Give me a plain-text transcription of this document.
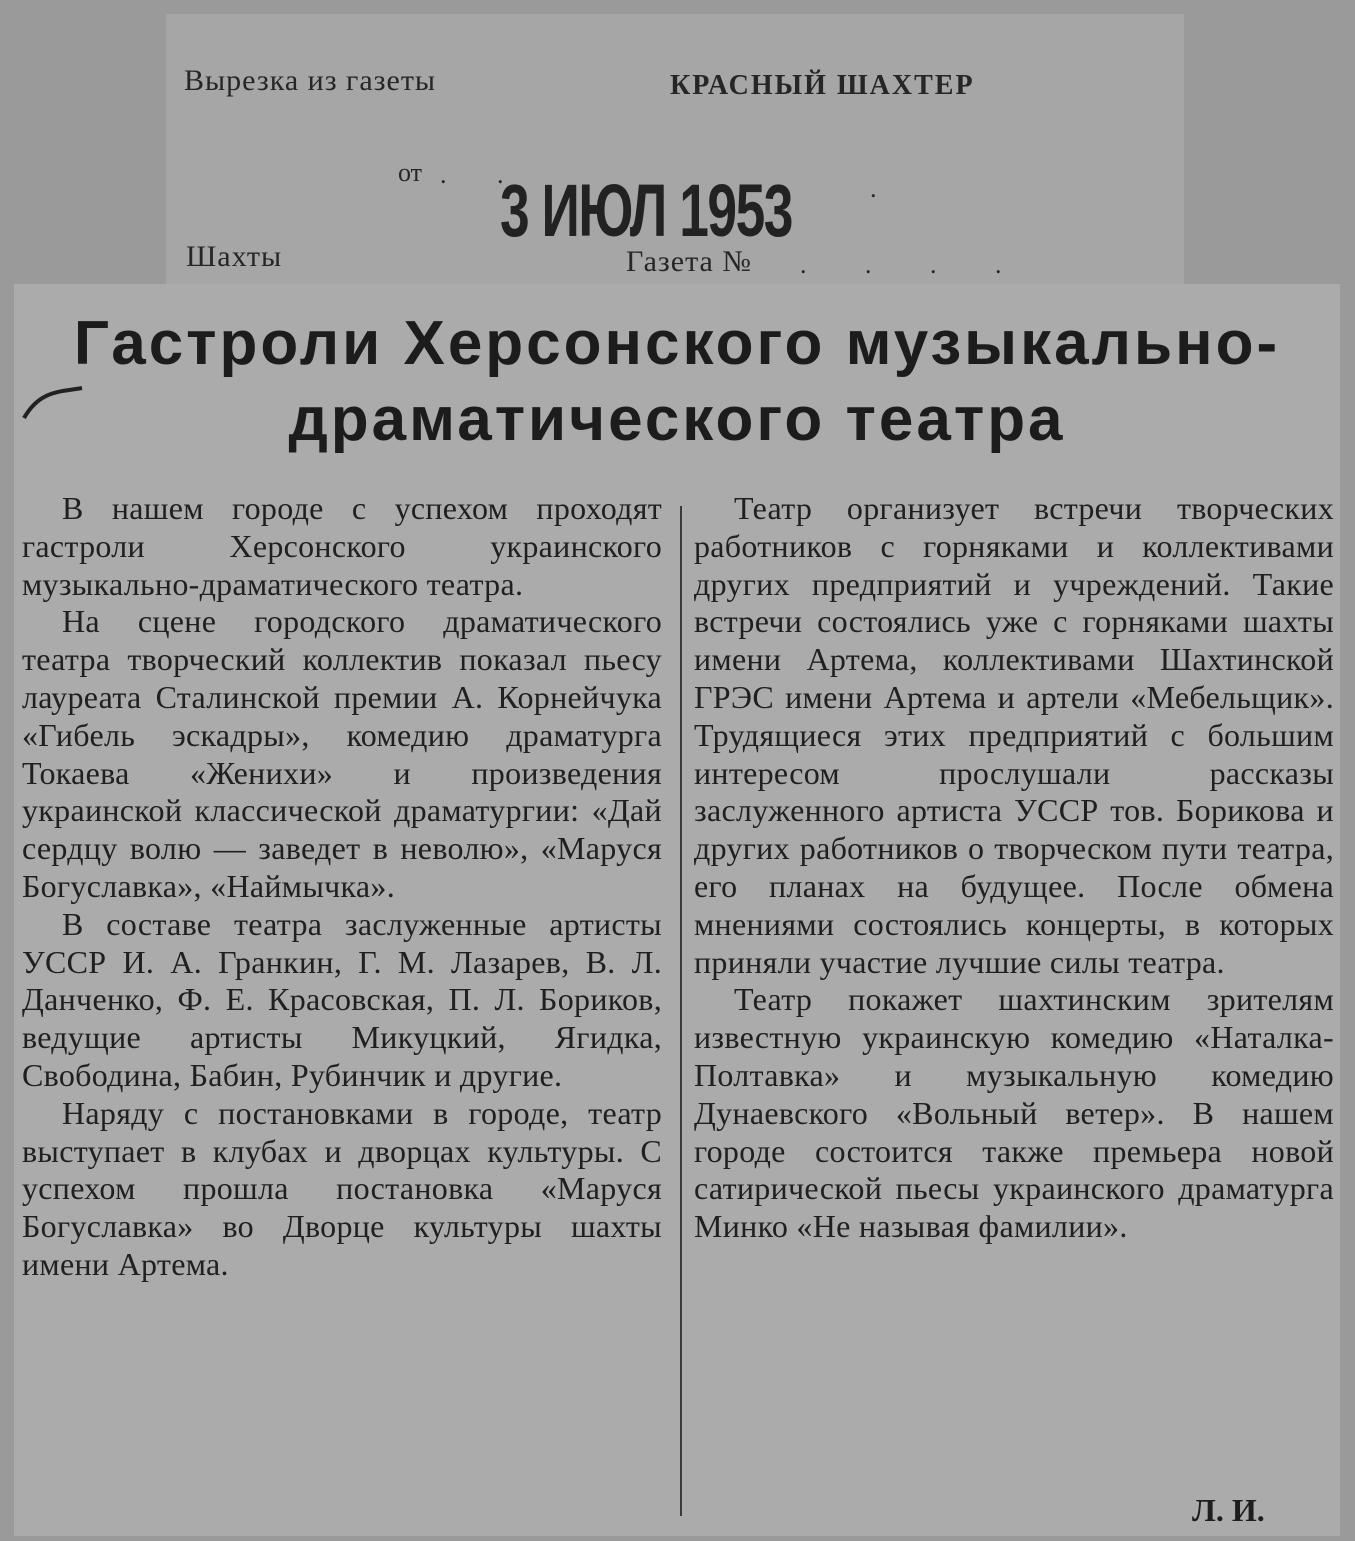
Вырезка из газеты	КРАСНЫЙ ШАХТЕР
от . .
3 ИЮЛ 1953	.
Шахты	Газета № . . . .
Гастроли Херсонского музыкально-
драматического театра

В нашем городе с успехом проходят гастроли Херсонского украинского музыкально-драматического театра.

На сцене городского драматического театра творческий коллектив показал пьесу лауреата Сталинской премии А. Корнейчука «Гибель эскадры», комедию драматурга Токаева «Женихи» и произведения украинской классической драматургии: «Дай сердцу волю — заведет в неволю», «Маруся Богуславка», «Наймычка».

В составе театра заслуженные артисты УССР И. А. Гранкин, Г. М. Лазарев, В. Л. Данченко, Ф. Е. Красовская, П. Л. Бориков, ведущие артисты Микуцкий, Ягидка, Свободина, Бабин, Рубинчик и другие.

Наряду с постановками в городе, театр выступает в клубах и дворцах культуры. С успехом прошла постановка «Маруся Богуславка» во Дворце культуры шахты имени Артема.

Театр организует встречи творческих работников с горняками и коллективами других предприятий и учреждений. Такие встречи состоялись уже с горняками шахты имени Артема, коллективами Шахтинской ГРЭС имени Артема и артели «Мебельщик». Трудящиеся этих предприятий с большим интересом прослушали рассказы заслуженного артиста УССР тов. Борикова и других работников о творческом пути театра, его планах на будущее. После обмена мнениями состоялись концерты, в которых приняли участие лучшие силы театра.

Театр покажет шахтинским зрителям известную украинскую комедию «Наталка-Полтавка» и музыкальную комедию Дунаевского «Вольный ветер». В нашем городе состоится также премьера новой сатирической пьесы украинского драматурга Минко «Не называя фамилии».

Л. И.
